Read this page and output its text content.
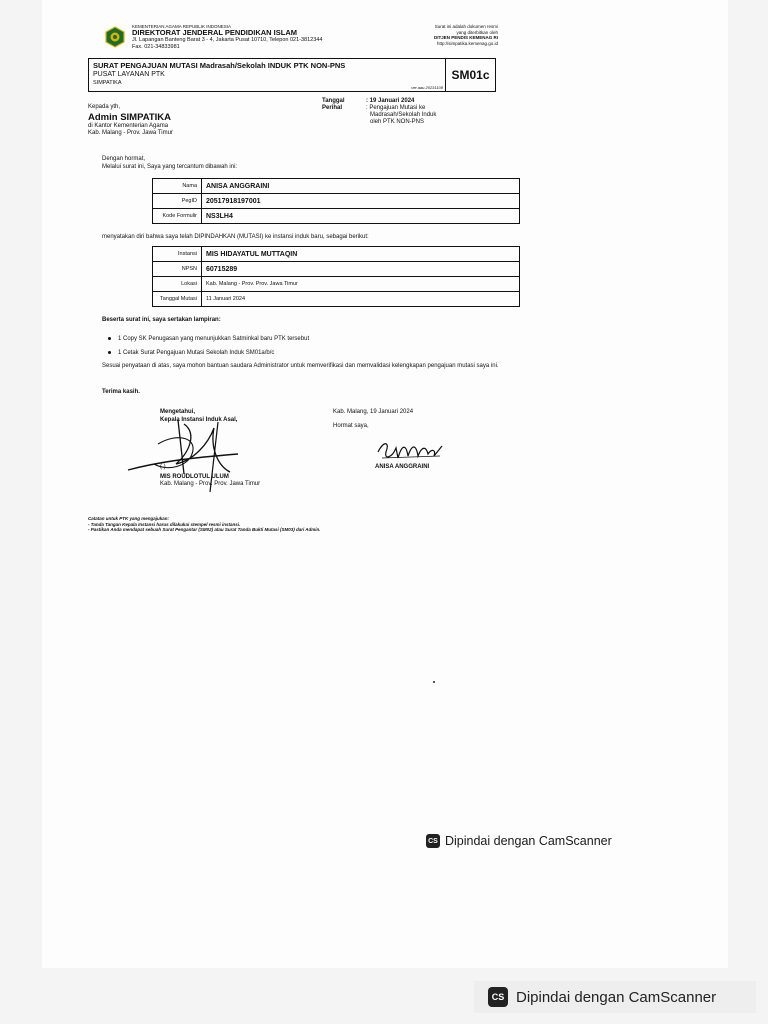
KEMENTERIAN AGAMA REPUBLIK INDONESIA
DIREKTORAT JENDERAL PENDIDIKAN ISLAM
Jl. Lapangan Banteng Barat 3 - 4, Jakarta Pusat 10710, Telepon 021-3812344
Fax. 021-34833981
Surat ini adalah dokumen resmi
yang diterbitkan oleh
DITJEN PENDIS KEMENAG RI
http://simpatika.kemenag.go.id
SURAT PENGAJUAN MUTASI Madrasah/Sekolah INDUK PTK NON-PNS
PUSAT LAYANAN PTK
SIMPATIKA
ver.aau.20231108
SM01c
Kepada yth,
Admin SIMPATIKA
di Kantor Kementerian Agama
Kab. Malang - Prov. Jawa Timur
Tanggal	: 19 Januari 2024
Perihal	: Pengajuan Mutasi ke
	Madrasah/Sekolah Induk
	oleh PTK NON-PNS
Dengan hormat,
Melalui surat ini, Saya yang tercantum dibawah ini:
Nama	ANISA ANGGRAINI
PegID	20517918197001
Kode Formulir	NS3LH4
menyatakan diri bahwa saya telah DIPINDAHKAN (MUTASI) ke instansi induk baru, sebagai berikut:
Instansi	MIS HIDAYATUL MUTTAQIN
NPSN	60715289
Lokasi	Kab. Malang - Prov. Prov. Jawa Timur
Tanggal Mutasi	11 Januari 2024
Beserta surat ini, saya sertakan lampiran:
1 Copy SK Penugasan yang menunjukkan Satminkal baru PTK tersebut
1 Cetak Surat Pengajuan Mutasi Sekolah Induk SM01a/b/c
Sesuai penyataan di atas, saya mohon bantuan saudara Administrator untuk memverifikasi dan memvalidasi kelengkapan pengajuan mutasi saya ini.
Terima kasih.
Mengetahui,
Kepala Instansi Induk Asal,
( )
MIS ROUDLOTUL ULUM
Kab. Malang - Prov. Prov. Jawa Timur
Kab. Malang, 19 Januari 2024
Hormat saya,
ANISA ANGGRAINI
Catatan untuk PTK yang mengajukan:
- Tanda Tangan Kepala Instansi harus dilakukai stempel resmi instansi.
- Pastikan Anda mendapat sebuah Surat Pengantar (SM02) atau Surat Tanda Bukti Mutasi (SM03) dari Admin.
CS Dipindai dengan CamScanner
CS Dipindai dengan CamScanner
